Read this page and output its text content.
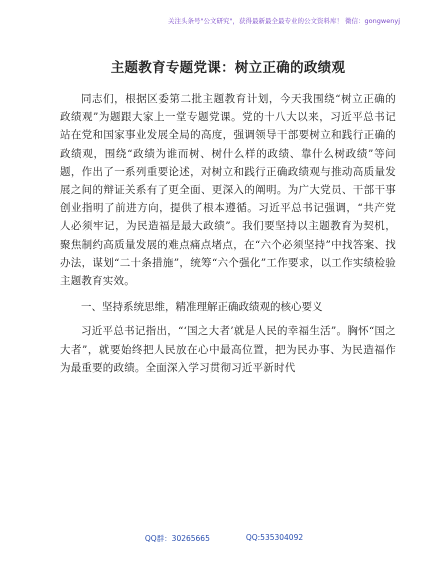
关注头条号"公文研究"，获得最新最全最专业的公文资料库！ 微信：gongwenyj
主题教育专题党课：树立正确的政绩观

同志们，根据区委第二批主题教育计划，今天我围绕“树立正确的政绩观”为题跟大家上一堂专题党课。党的十八大以来，习近平总书记站在党和国家事业发展全局的高度，强调领导干部要树立和践行正确的政绩观，围绕“政绩为谁而树、树什么样的政绩、靠什么树政绩”等问题，作出了一系列重要论述，对树立和践行正确政绩观与推动高质量发展之间的辩证关系有了更全面、更深入的阐明。为广大党员、干部干事创业指明了前进方向，提供了根本遵循。习近平总书记强调，“共产党人必须牢记，为民造福是最大政绩”。我们要坚持以主题教育为契机，聚焦制约高质量发展的难点痛点堵点，在“六个必须坚持”中找答案、找办法，谋划“二十条措施”，统筹“六个强化”工作要求，以工作实绩检验主题教育实效。

一、坚持系统思维，精准理解正确政绩观的核心要义

习近平总书记指出，“‘国之大者’就是人民的幸福生活”。胸怀“国之大者”，就要始终把人民放在心中最高位置，把为民办事、为民造福作为最重要的政绩。全面深入学习贯彻习近平新时代

QQ群：30265665	QQ:535304092
